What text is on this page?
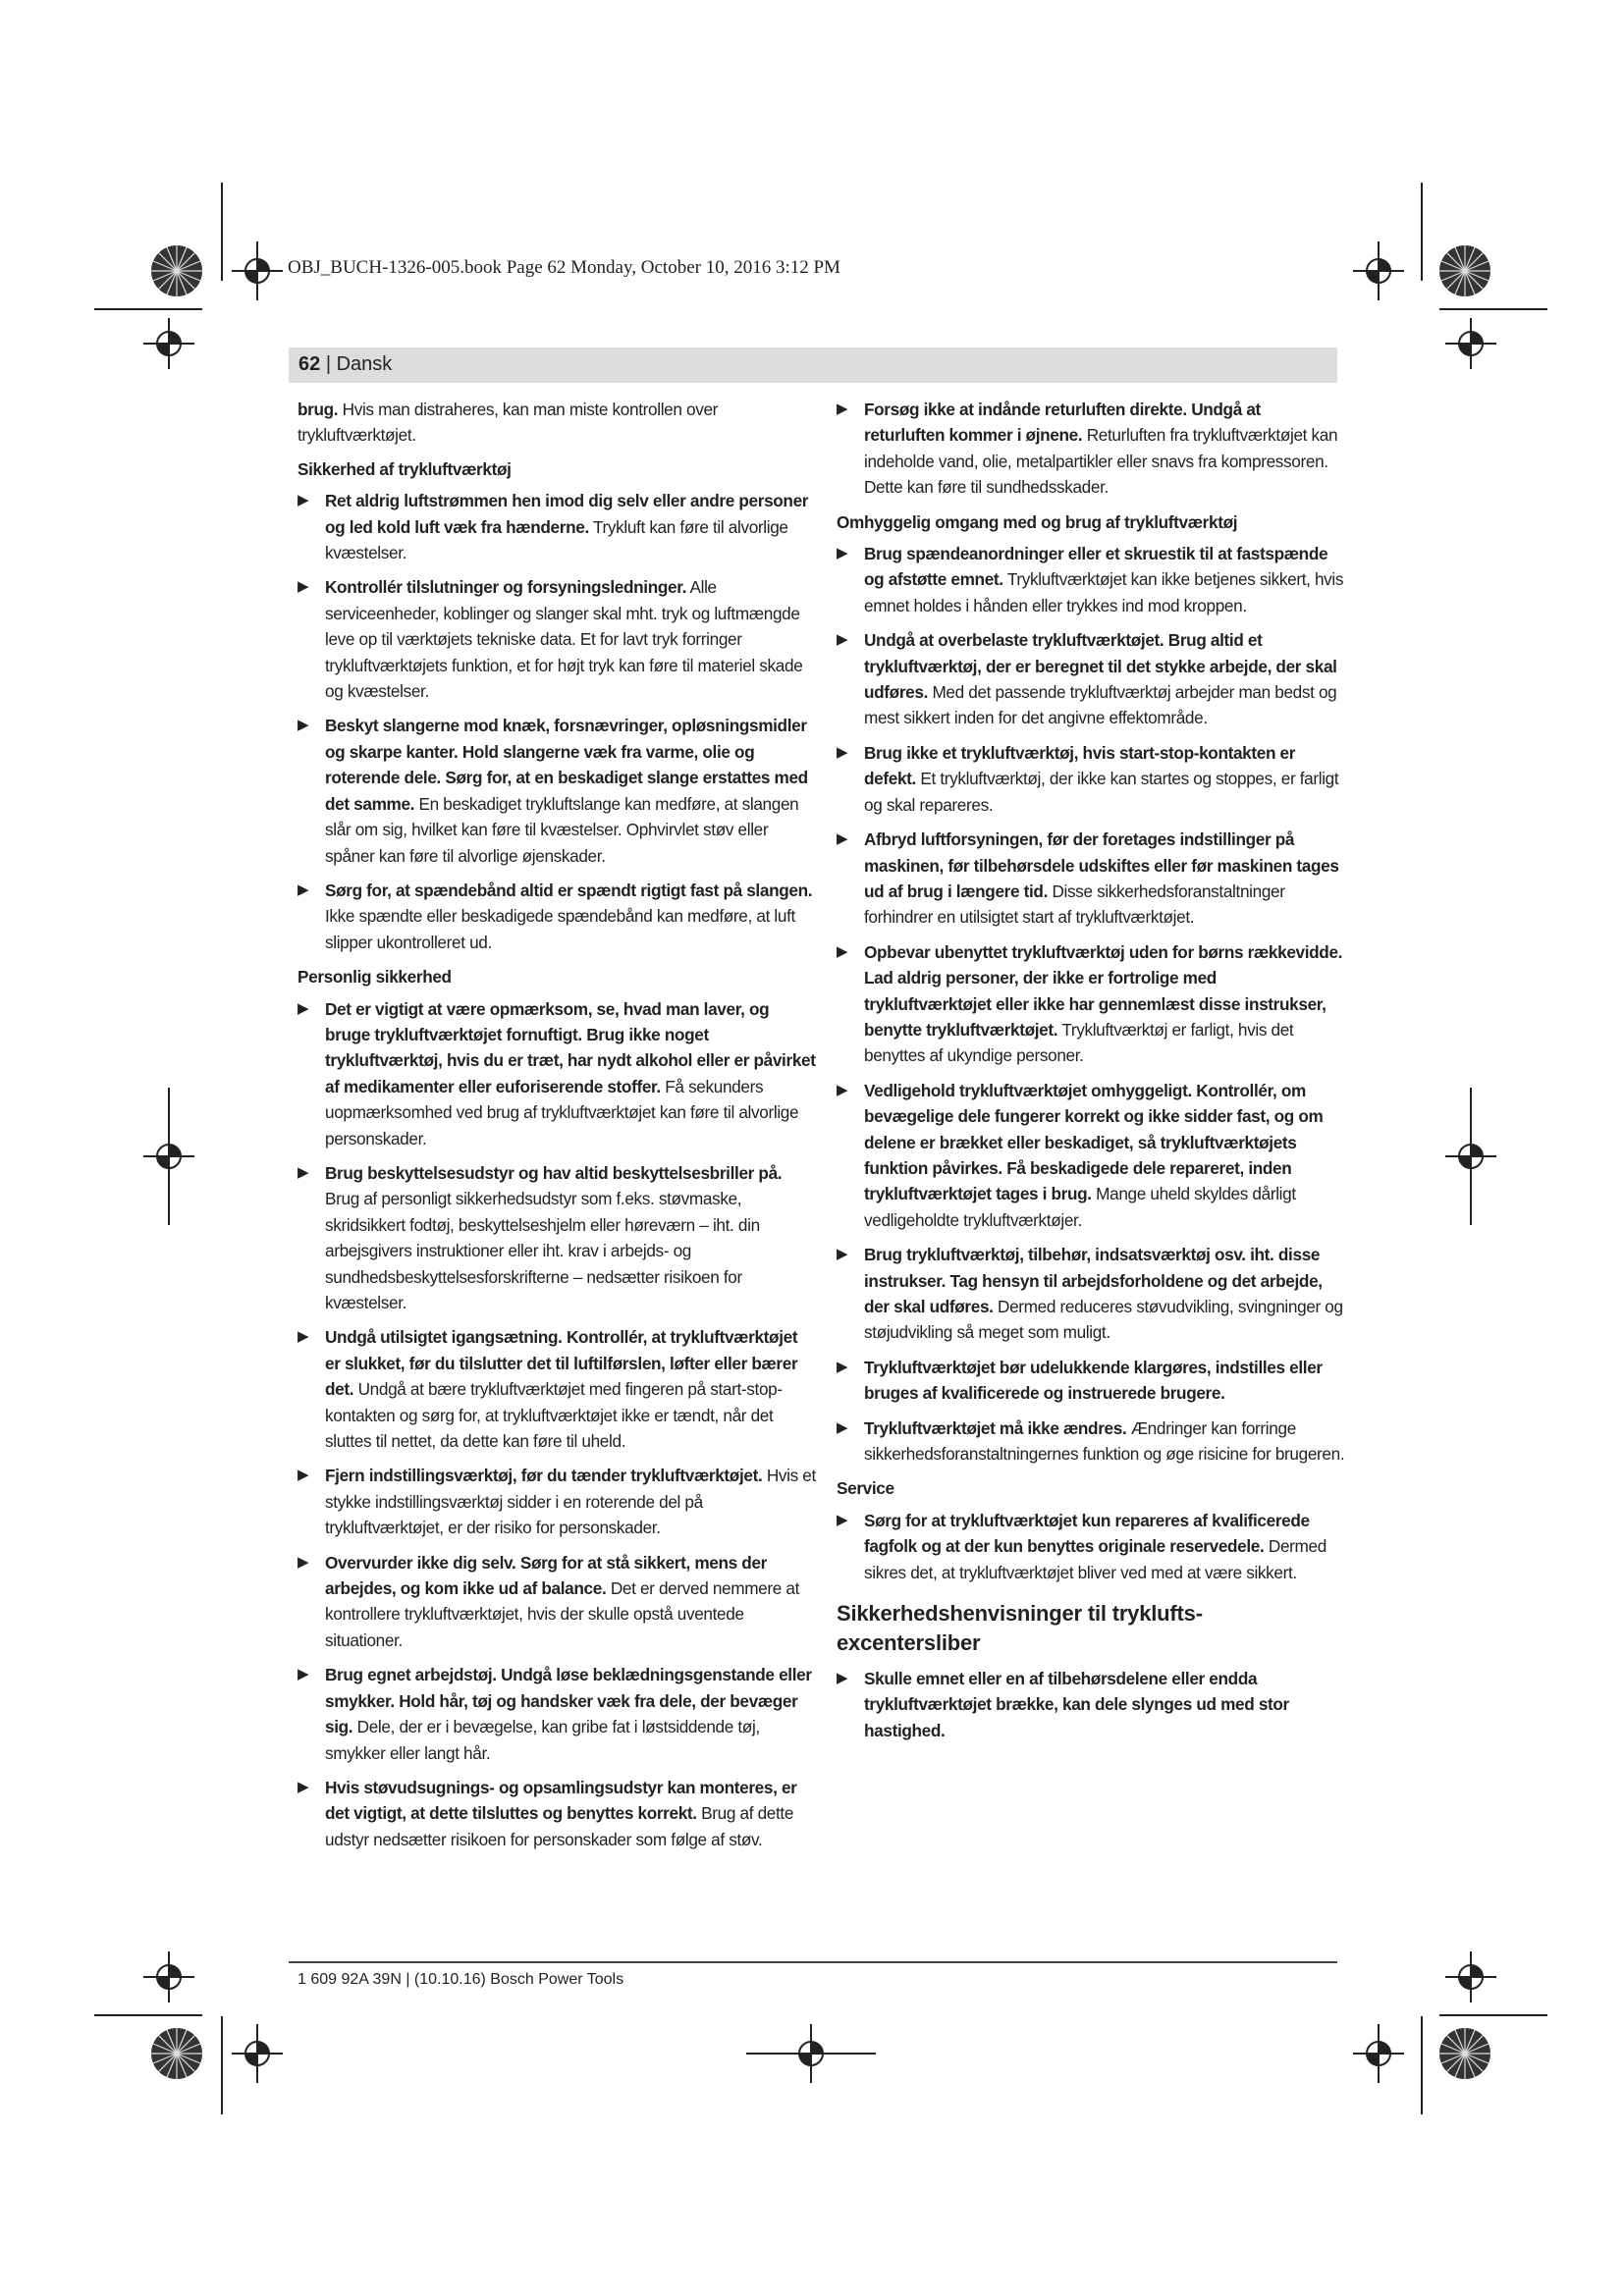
OBJ_BUCH-1326-005.book Page 62 Monday, October 10, 2016 3:12 PM
62 | Dansk
brug. Hvis man distraheres, kan man miste kontrollen over trykluftværktøjet.
Sikkerhed af trykluftværktøj
▶ Ret aldrig luftstrømmen hen imod dig selv eller andre personer og led kold luft væk fra hænderne. Trykluft kan føre til alvorlige kvæstelser.
▶ Kontrollér tilslutninger og forsyningsledninger. Alle serviceenheder, koblinger og slanger skal mht. tryk og luftmængde leve op til værktøjets tekniske data. Et for lavt tryk forringer trykluftværktøjets funktion, et for højt tryk kan føre til materiel skade og kvæstelser.
▶ Beskyt slangerne mod knæk, forsnævringer, opløsningsmidler og skarpe kanter. Hold slangerne væk fra varme, olie og roterende dele. Sørg for, at en beskadiget slange erstattes med det samme. En beskadiget trykluftslange kan medføre, at slangen slår om sig, hvilket kan føre til kvæstelser. Ophvirvlet støv eller spåner kan føre til alvorlige øjenskader.
▶ Sørg for, at spændebånd altid er spændt rigtigt fast på slangen. Ikke spændte eller beskadigede spændebånd kan medføre, at luft slipper ukontrolleret ud.
Personlig sikkerhed
▶ Det er vigtigt at være opmærksom, se, hvad man laver, og bruge trykluftværktøjet fornuftigt. Brug ikke noget trykluftværktøj, hvis du er træt, har nydt alkohol eller er påvirket af medikamenter eller euforiserende stoffer. Få sekunders uopmærksomhed ved brug af trykluftværktøjet kan føre til alvorlige personskader.
▶ Brug beskyttelsesudstyr og hav altid beskyttelsesbriller på. Brug af personligt sikkerhedsudstyr som f.eks. støvmaske, skridsikkert fodtøj, beskyttelseshjelm eller høreværn – iht. din arbejsgivers instruktioner eller iht. krav i arbejds- og sundhedsbeskyttelsesforskrifterne – nedsætter risikoen for kvæstelser.
▶ Undgå utilsigtet igangsætning. Kontrollér, at trykluftværktøjet er slukket, før du tilslutter det til luftilførslen, løfter eller bærer det. Undgå at bære trykluftværktøjet med fingeren på start-stop-kontakten og sørg for, at trykluftværktøjet ikke er tændt, når det sluttes til nettet, da dette kan føre til uheld.
▶ Fjern indstillingsværktøj, før du tænder trykluftværktøjet. Hvis et stykke indstillingsværktøj sidder i en roterende del på trykluftværktøjet, er der risiko for personskader.
▶ Overvurder ikke dig selv. Sørg for at stå sikkert, mens der arbejdes, og kom ikke ud af balance. Det er derved nemmere at kontrollere trykluftværktøjet, hvis der skulle opstå uventede situationer.
▶ Brug egnet arbejdstøj. Undgå løse beklædningsgenstande eller smykker. Hold hår, tøj og handsker væk fra dele, der bevæger sig. Dele, der er i bevægelse, kan gribe fat i løstsiddende tøj, smykker eller langt hår.
▶ Hvis støvudsugnings- og opsamlingsudstyr kan monteres, er det vigtigt, at dette tilsluttes og benyttes korrekt. Brug af dette udstyr nedsætter risikoen for personskader som følge af støv.
▶ Forsøg ikke at indånde returluften direkte. Undgå at returluften kommer i øjnene. Returluften fra trykluftværktøjet kan indeholde vand, olie, metalpartikler eller snavs fra kompressoren. Dette kan føre til sundhedsskader.
Omhyggelig omgang med og brug af trykluftværktøj
▶ Brug spændeanordninger eller et skruestik til at fastspænde og afstøtte emnet. Trykluftværktøjet kan ikke betjenes sikkert, hvis emnet holdes i hånden eller trykkes ind mod kroppen.
▶ Undgå at overbelaste trykluftværktøjet. Brug altid et trykluftværktøj, der er beregnet til det stykke arbejde, der skal udføres. Med det passende trykluftværktøj arbejder man bedst og mest sikkert inden for det angivne effektområde.
▶ Brug ikke et trykluftværktøj, hvis start-stop-kontakten er defekt. Et trykluftværktøj, der ikke kan startes og stoppes, er farligt og skal repareres.
▶ Afbryd luftforsyningen, før der foretages indstillinger på maskinen, før tilbehørsdele udskiftes eller før maskinen tages ud af brug i længere tid. Disse sikkerhedsforanstaltninger forhindrer en utilsigtet start af trykluftværktøjet.
▶ Opbevar ubenyttet trykluftværktøj uden for børns rækkevidde. Lad aldrig personer, der ikke er fortrolige med trykluftværktøjet eller ikke har gennemlæst disse instrukser, benytte trykluftværktøjet. Trykluftværktøj er farligt, hvis det benyttes af ukyndige personer.
▶ Vedligehold trykluftværktøjet omhyggeligt. Kontrollér, om bevægelige dele fungerer korrekt og ikke sidder fast, og om delene er brækket eller beskadiget, så trykluftværktøjets funktion påvirkes. Få beskadigede dele repareret, inden trykluftværktøjet tages i brug. Mange uheld skyldes dårligt vedligeholdte trykluftværktøjer.
▶ Brug trykluftværktøj, tilbehør, indsatsværktøj osv. iht. disse instrukser. Tag hensyn til arbejdsforholdene og det arbejde, der skal udføres. Dermed reduceres støvudvikling, svingninger og støjudvikling så meget som muligt.
▶ Trykluftværktøjet bør udelukkende klargøres, indstilles eller bruges af kvalificerede og instruerede brugere.
▶ Trykluftværktøjet må ikke ændres. Ændringer kan forringe sikkerhedsforanstaltningernes funktion og øge risicine for brugeren.
Service
▶ Sørg for at trykluftværktøjet kun repareres af kvalificerede fagfolk og at der kun benyttes originale reservedele. Dermed sikres det, at trykluftværktøjet bliver ved med at være sikkert.
Sikkerhedshenvisninger til tryklufts-excentersliber
▶ Skulle emnet eller en af tilbehørsdelene eller endda trykluftværktøjet brække, kan dele slynges ud med stor hastighed.
1 609 92A 39N | (10.10.16) Bosch Power Tools
